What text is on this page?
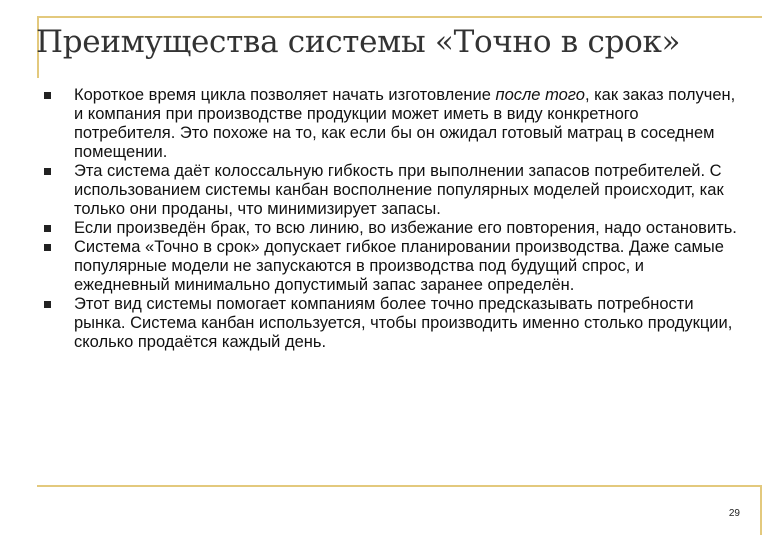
Преимущества системы «Точно в срок»
Короткое время цикла позволяет начать изготовление после того, как заказ получен, и компания при производстве продукции может иметь в виду конкретного потребителя. Это похоже на то, как если бы он ожидал готовый матрац в соседнем помещении.
Эта система даёт колоссальную гибкость при выполнении запасов потребителей. С использованием системы канбан восполнение популярных моделей происходит, как только они проданы, что минимизирует запасы.
Если произведён брак, то всю линию, во избежание его повторения, надо остановить.
Система «Точно в срок» допускает гибкое планировании производства. Даже самые популярные модели не запускаются в производства под будущий спрос, и ежедневный минимально допустимый запас заранее определён.
Этот вид системы помогает компаниям более точно предсказывать потребности рынка. Система канбан используется, чтобы производить именно столько продукции, сколько продаётся каждый день.
29
